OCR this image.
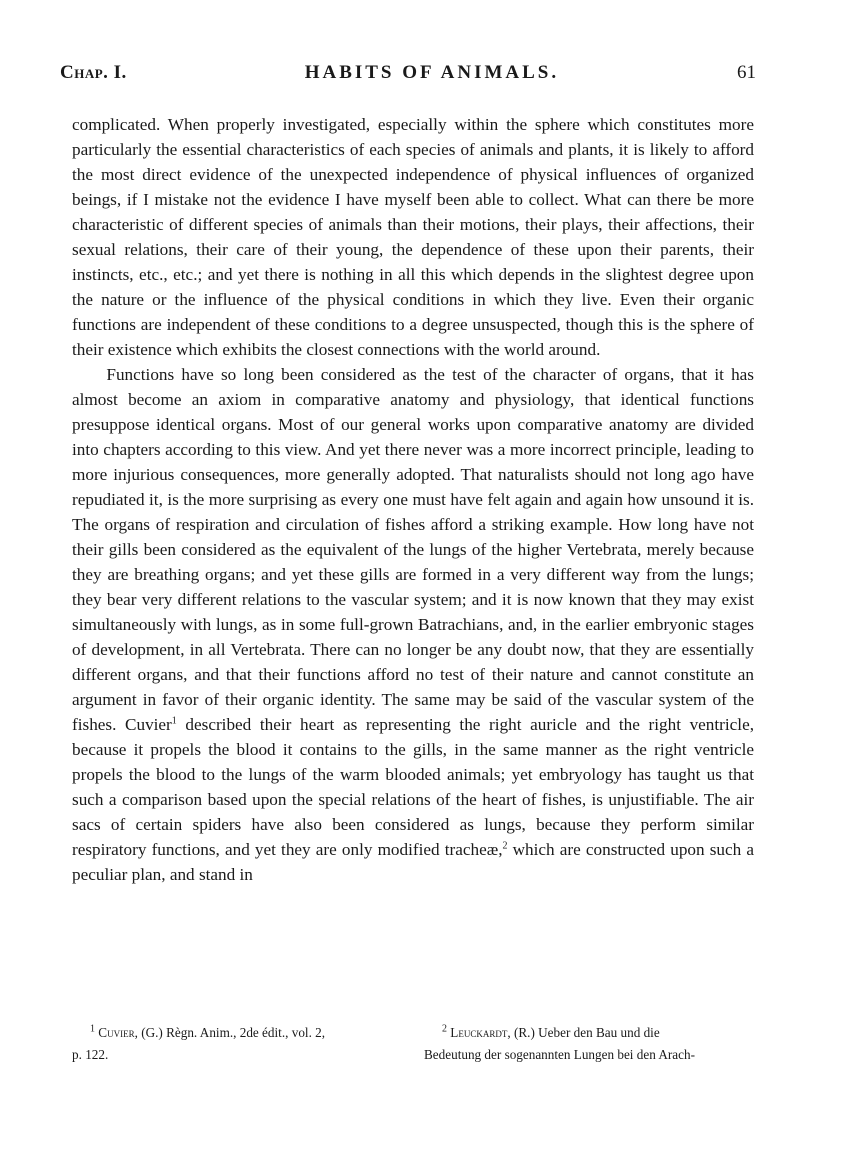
Chap. I.	HABITS OF ANIMALS.	61

complicated. When properly investigated, especially within the sphere which constitutes more particularly the essential characteristics of each species of animals and plants, it is likely to afford the most direct evidence of the unexpected independence of physical influences of organized beings, if I mistake not the evidence I have myself been able to collect. What can there be more characteristic of different species of animals than their motions, their plays, their affections, their sexual relations, their care of their young, the dependence of these upon their parents, their instincts, etc., etc.; and yet there is nothing in all this which depends in the slightest degree upon the nature or the influence of the physical conditions in which they live. Even their organic functions are independent of these conditions to a degree unsuspected, though this is the sphere of their existence which exhibits the closest connections with the world around.

Functions have so long been considered as the test of the character of organs, that it has almost become an axiom in comparative anatomy and physiology, that identical functions presuppose identical organs. Most of our general works upon comparative anatomy are divided into chapters according to this view. And yet there never was a more incorrect principle, leading to more injurious consequences, more generally adopted. That naturalists should not long ago have repudiated it, is the more surprising as every one must have felt again and again how unsound it is. The organs of respiration and circulation of fishes afford a striking example. How long have not their gills been considered as the equivalent of the lungs of the higher Vertebrata, merely because they are breathing organs; and yet these gills are formed in a very different way from the lungs; they bear very different relations to the vascular system; and it is now known that they may exist simultaneously with lungs, as in some full-grown Batrachians, and, in the earlier embryonic stages of development, in all Vertebrata. There can no longer be any doubt now, that they are essentially different organs, and that their functions afford no test of their nature and cannot constitute an argument in favor of their organic identity. The same may be said of the vascular system of the fishes. Cuvier$^1$ described their heart as representing the right auricle and the right ventricle, because it propels the blood it contains to the gills, in the same manner as the right ventricle propels the blood to the lungs of the warm blooded animals; yet embryology has taught us that such a comparison based upon the special relations of the heart of fishes, is unjustifiable. The air sacs of certain spiders have also been considered as lungs, because they perform similar respiratory functions, and yet they are only modified tracheæ,$^2$ which are constructed upon such a peculiar plan, and stand in

$^1$ Cuvier, (G.) Règn. Anim., 2de édit., vol. 2,
p. 122.
$^2$ Leuckardt, (R.) Ueber den Bau und die
Bedeutung der sogenannten Lungen bei den Arach-
